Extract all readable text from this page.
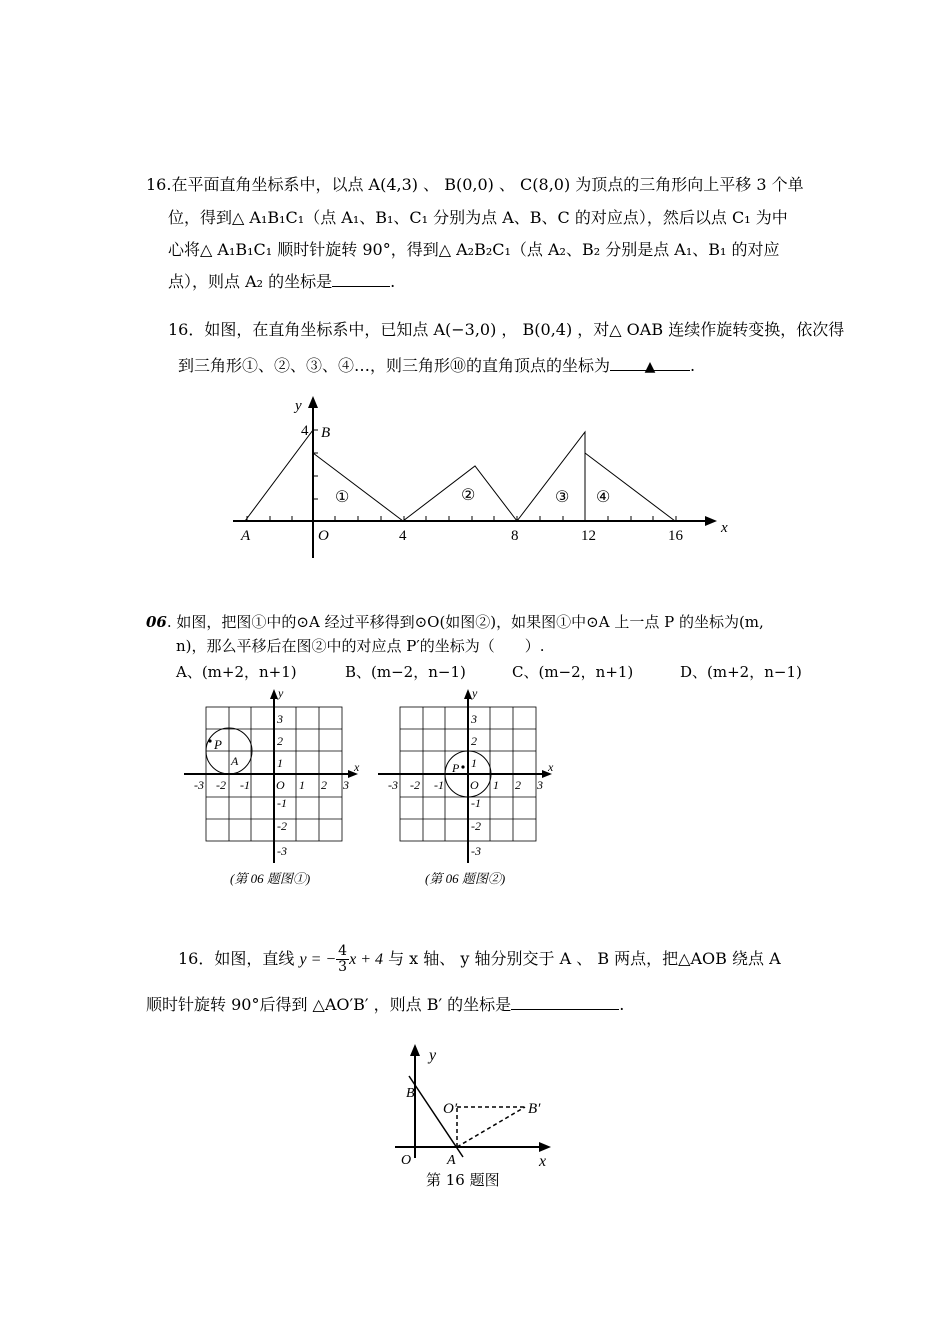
16.在平面直角坐标系中，以点 A(4,3) 、 B(0,0) 、 C(8,0) 为顶点的三角形向上平移 3 个单
位，得到△ A₁B₁C₁（点 A₁、B₁、C₁ 分别为点 A、B、C 的对应点），然后以点 C₁ 为中
心将△ A₁B₁C₁ 顺时针旋转 90°，得到△ A₂B₂C₁（点 A₂、B₂ 分别是点 A₁、B₁ 的对应
点），则点 A₂ 的坐标是	.
16．如图，在直角坐标系中，已知点 A(−3,0) ， B(0,4) ，对△ OAB 连续作旋转变换，依次得
到三角形①、②、③、④…，则三角形⑩的直角顶点的坐标为 ▲ .
y
4 B
A	O	4	8	12	16	x
①	②	③ ④
06. 如图，把图①中的⊙A 经过平移得到⊙O(如图②)，如果图①中⊙A 上一点 P 的坐标为(m,
n)，那么平移后在图②中的对应点 P′的坐标为（　　）.
A、(m+2，n+1)	B、(m−2，n−1)	C、(m−2，n+1)	D、(m+2，n−1)
P
A
y
x
-3 -2 -1 O 1 2 3
3
2
1
-1
-2
-3
P
y
x
-3 -2 -1 O 1 2 3
3
2
1
-1
-2
-3
(第 06 题图①)	(第 06 题图②)
16．如图，直线 y = − $\frac{4}{3}$ x + 4 与 x 轴、 y 轴分别交于 A 、 B 两点，把△AOB 绕点 A
顺时针旋转 90°后得到 △AO′B′ ，则点 B′ 的坐标是	.
y
B
O′	B′
O	A	x
第 16 题图
